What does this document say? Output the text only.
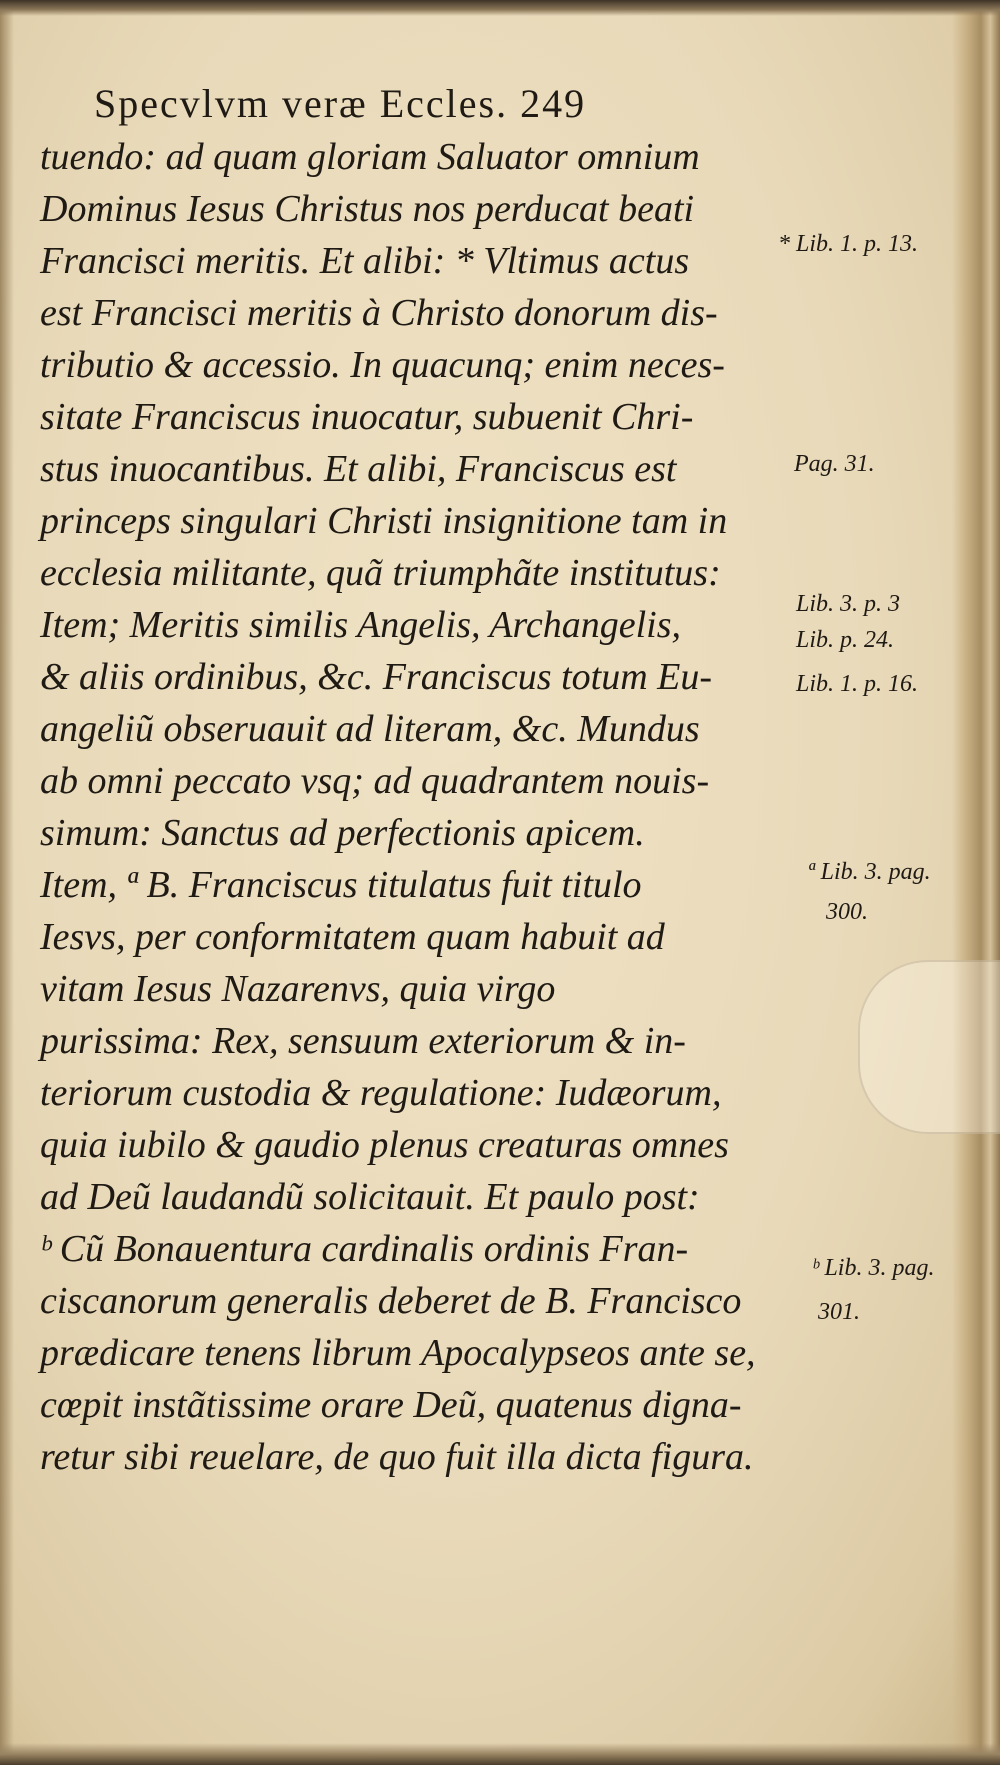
Specvlvm veræ Eccles. 249
tuendo: ad quam gloriam Saluator omnium
Dominus Iesus Christus nos perducat beati
Francisci meritis. Et alibi: * Vltimus actus
est Francisci meritis à Christo donorum dis-
tributio & accessio. In quacunq; enim neces-
sitate Franciscus inuocatur, subuenit Chri-
stus inuocantibus. Et alibi, Franciscus est
princeps singulari Christi insignitione tam in
ecclesia militante, quã triumphãte institutus:
Item; Meritis similis Angelis, Archangelis,
& aliis ordinibus, &c. Franciscus totum Eu-
angeliũ obseruauit ad literam, &c. Mundus
ab omni peccato vsq; ad quadrantem nouis-
simum: Sanctus ad perfectionis apicem.
Item, ª B. Franciscus titulatus fuit titulo
Iesvs, per conformitatem quam habuit ad
vitam Iesus Nazarenvs, quia virgo
purissima: Rex, sensuum exteriorum & in-
teriorum custodia & regulatione: Iudæorum,
quia iubilo & gaudio plenus creaturas omnes
ad Deũ laudandũ solicitauit. Et paulo post:
ᵇ Cũ Bonauentura cardinalis ordinis Fran-
ciscanorum generalis deberet de B. Francisco
prædicare tenens librum Apocalypseos ante se,
cœpit instãtissime orare Deũ, quatenus digna-
retur sibi reuelare, de quo fuit illa dicta figura.
* Lib. 1. p. 13.
Pag. 31.
Lib. 3. p. 3
Lib. p. 24.
Lib. 1. p. 16.
ª Lib. 3. pag.
300.
ᵇ Lib. 3. pag.
301.
